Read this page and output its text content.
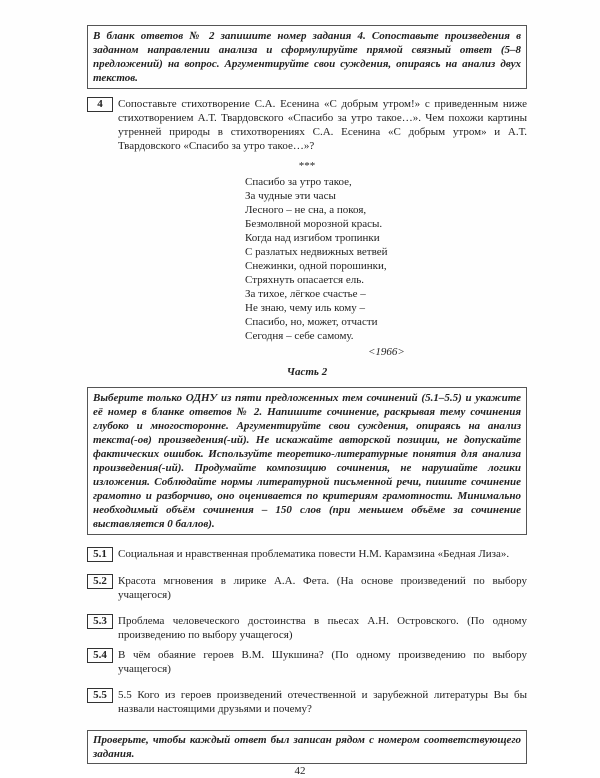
В бланк ответов № 2 запишите номер задания 4. Сопоставьте произведения в заданном направлении анализа и сформулируйте прямой связный ответ (5–8 предложений) на вопрос. Аргументируйте свои суждения, опираясь на анализ двух текстов.
4	Сопоставьте стихотворение С.А. Есенина «С добрым утром!» с приведенным ниже стихотворением А.Т. Твардовского «Спасибо за утро такое…». Чем похожи картины утренней природы в стихотворениях С.А. Есенина «С добрым утром» и А.Т. Твардовского «Спасибо за утро такое…»?
***
Спасибо за утро такое,
За чудные эти часы
Лесного – не сна, а покоя,
Безмолвной морозной красы.
Когда над изгибом тропинки
С разлатых недвижных ветвей
Снежинки, одной порошинки,
Стряхнуть опасается ель.
За тихое, лёгкое счастье –
Не знаю, чему иль кому –
Спасибо, но, может, отчасти
Сегодня – себе самому.
<1966>
Часть 2
Выберите только ОДНУ из пяти предложенных тем сочинений (5.1–5.5) и укажите её номер в бланке ответов № 2. Напишите сочинение, раскрывая тему сочинения глубоко и многосторонне. Аргументируйте свои суждения, опираясь на анализ текста(-ов) произведения(-ий). Не искажайте авторской позиции, не допускайте фактических ошибок. Используйте теоретико-литературные понятия для анализа произведения(-ий). Продумайте композицию сочинения, не нарушайте логики изложения. Соблюдайте нормы литературной письменной речи, пишите сочинение грамотно и разборчиво, оно оценивается по критериям грамотности. Минимально необходимый объём сочинения – 150 слов (при меньшем объёме за сочинение выставляется 0 баллов).
5.1	Социальная и нравственная проблематика повести Н.М. Карамзина «Бедная Лиза».
5.2	Красота мгновения в лирике А.А. Фета. (На основе произведений по выбору учащегося)
5.3	Проблема человеческого достоинства в пьесах А.Н. Островского. (По одному произведению по выбору учащегося)
5.4	В чём обаяние героев В.М. Шукшина? (По одному произведению по выбору учащегося)
5.5	5.5 Кого из героев произведений отечественной и зарубежной литературы Вы бы назвали настоящими друзьями и почему?
Проверьте, чтобы каждый ответ был записан рядом с номером соответствующего задания.
42
